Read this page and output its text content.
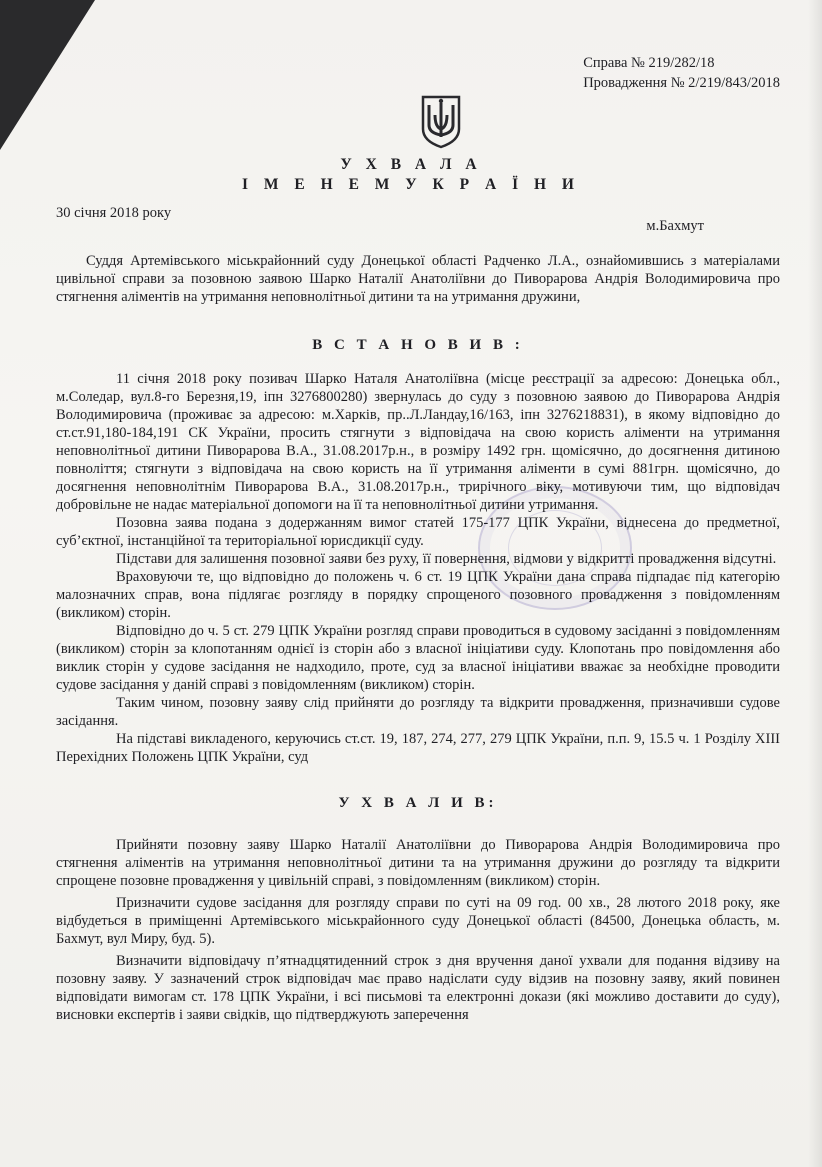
Справа № 219/282/18
Провадження № 2/219/843/2018
У Х В А Л А
І М Е Н Е М У К Р А Ї Н И
30 січня 2018 року
м.Бахмут

Суддя Артемівського міськрайонний суду Донецької області Радченко Л.А., ознайомившись з матеріалами цивільної справи за позовною заявою Шарко Наталії Анатоліївни до Пиворарова Андрія Володимировича про стягнення аліментів на утримання неповнолітньої дитини та на утримання дружини,

В С Т А Н О В И В :

11 січня 2018 року позивач Шарко Наталя Анатоліївна (місце реєстрації за адресою: Донецька обл., м.Соледар, вул.8-го Березня,19, іпн 3276800280) звернулась до суду з позовною заявою до Пиворарова Андрія Володимировича (проживає за адресою: м.Харків, пр..Л.Ландау,16/163, іпн 3276218831), в якому відповідно до ст.ст.91,180-184,191 СК України, просить стягнути з відповідача на свою користь аліменти на утримання неповнолітньої дитини Пиворарова В.А., 31.08.2017р.н., в розміру 1492 грн. щомісячно, до досягнення дитиною повноліття; стягнути з відповідача на свою користь на її утримання аліменти в сумі 881грн. щомісячно, до досягнення неповнолітнім Пиворарова В.А., 31.08.2017р.н., трирічного віку, мотивуючи тим, що відповідач добровільне не надає матеріальної допомоги на її та неповнолітньої дитини утримання.

Позовна заява подана з додержанням вимог статей 175-177 ЦПК України, віднесена до предметної, суб’єктної, інстанційної та територіальної юрисдикції суду.

Підстави для залишення позовної заяви без руху, її повернення, відмови у відкритті провадження відсутні.

Враховуючи те, що відповідно до положень ч. 6 ст. 19 ЦПК України дана справа підпадає під категорію малозначних справ, вона підлягає розгляду в порядку спрощеного позовного провадження з повідомленням (викликом) сторін.

Відповідно до ч. 5 ст. 279 ЦПК України розгляд справи проводиться в судовому засіданні з повідомленням (викликом) сторін за клопотанням однієї із сторін або з власної ініціативи суду. Клопотань про повідомлення або виклик сторін у судове засідання не надходило, проте, суд за власної ініціативи вважає за необхідне проводити судове засідання у даній справі з повідомленням (викликом) сторін.

Таким чином, позовну заяву слід прийняти до розгляду та відкрити провадження, призначивши судове засідання.

На підставі викладеного, керуючись ст.ст. 19, 187, 274, 277, 279 ЦПК України, п.п. 9, 15.5 ч. 1 Розділу XIII Перехідних Положень ЦПК України, суд

У Х В А Л И В:

Прийняти позовну заяву Шарко Наталії Анатоліївни до Пиворарова Андрія Володимировича про стягнення аліментів на утримання неповнолітньої дитини та на утримання дружини до розгляду та відкрити спрощене позовне провадження у цивільній справі, з повідомленням (викликом) сторін.

Призначити судове засідання для розгляду справи по суті на 09 год. 00 хв., 28 лютого 2018 року, яке відбудеться в приміщенні Артемівського міськрайонного суду Донецької області (84500, Донецька область, м. Бахмут, вул Миру, буд. 5).

Визначити відповідачу п’ятнадцятиденний строк з дня вручення даної ухвали для подання відзиву на позовну заяву. У зазначений строк відповідач має право надіслати суду відзив на позовну заяву, який повинен відповідати вимогам ст. 178 ЦПК України, і всі письмові та електронні докази (які можливо доставити до суду), висновки експертів і заяви свідків, що підтверджують заперечення
